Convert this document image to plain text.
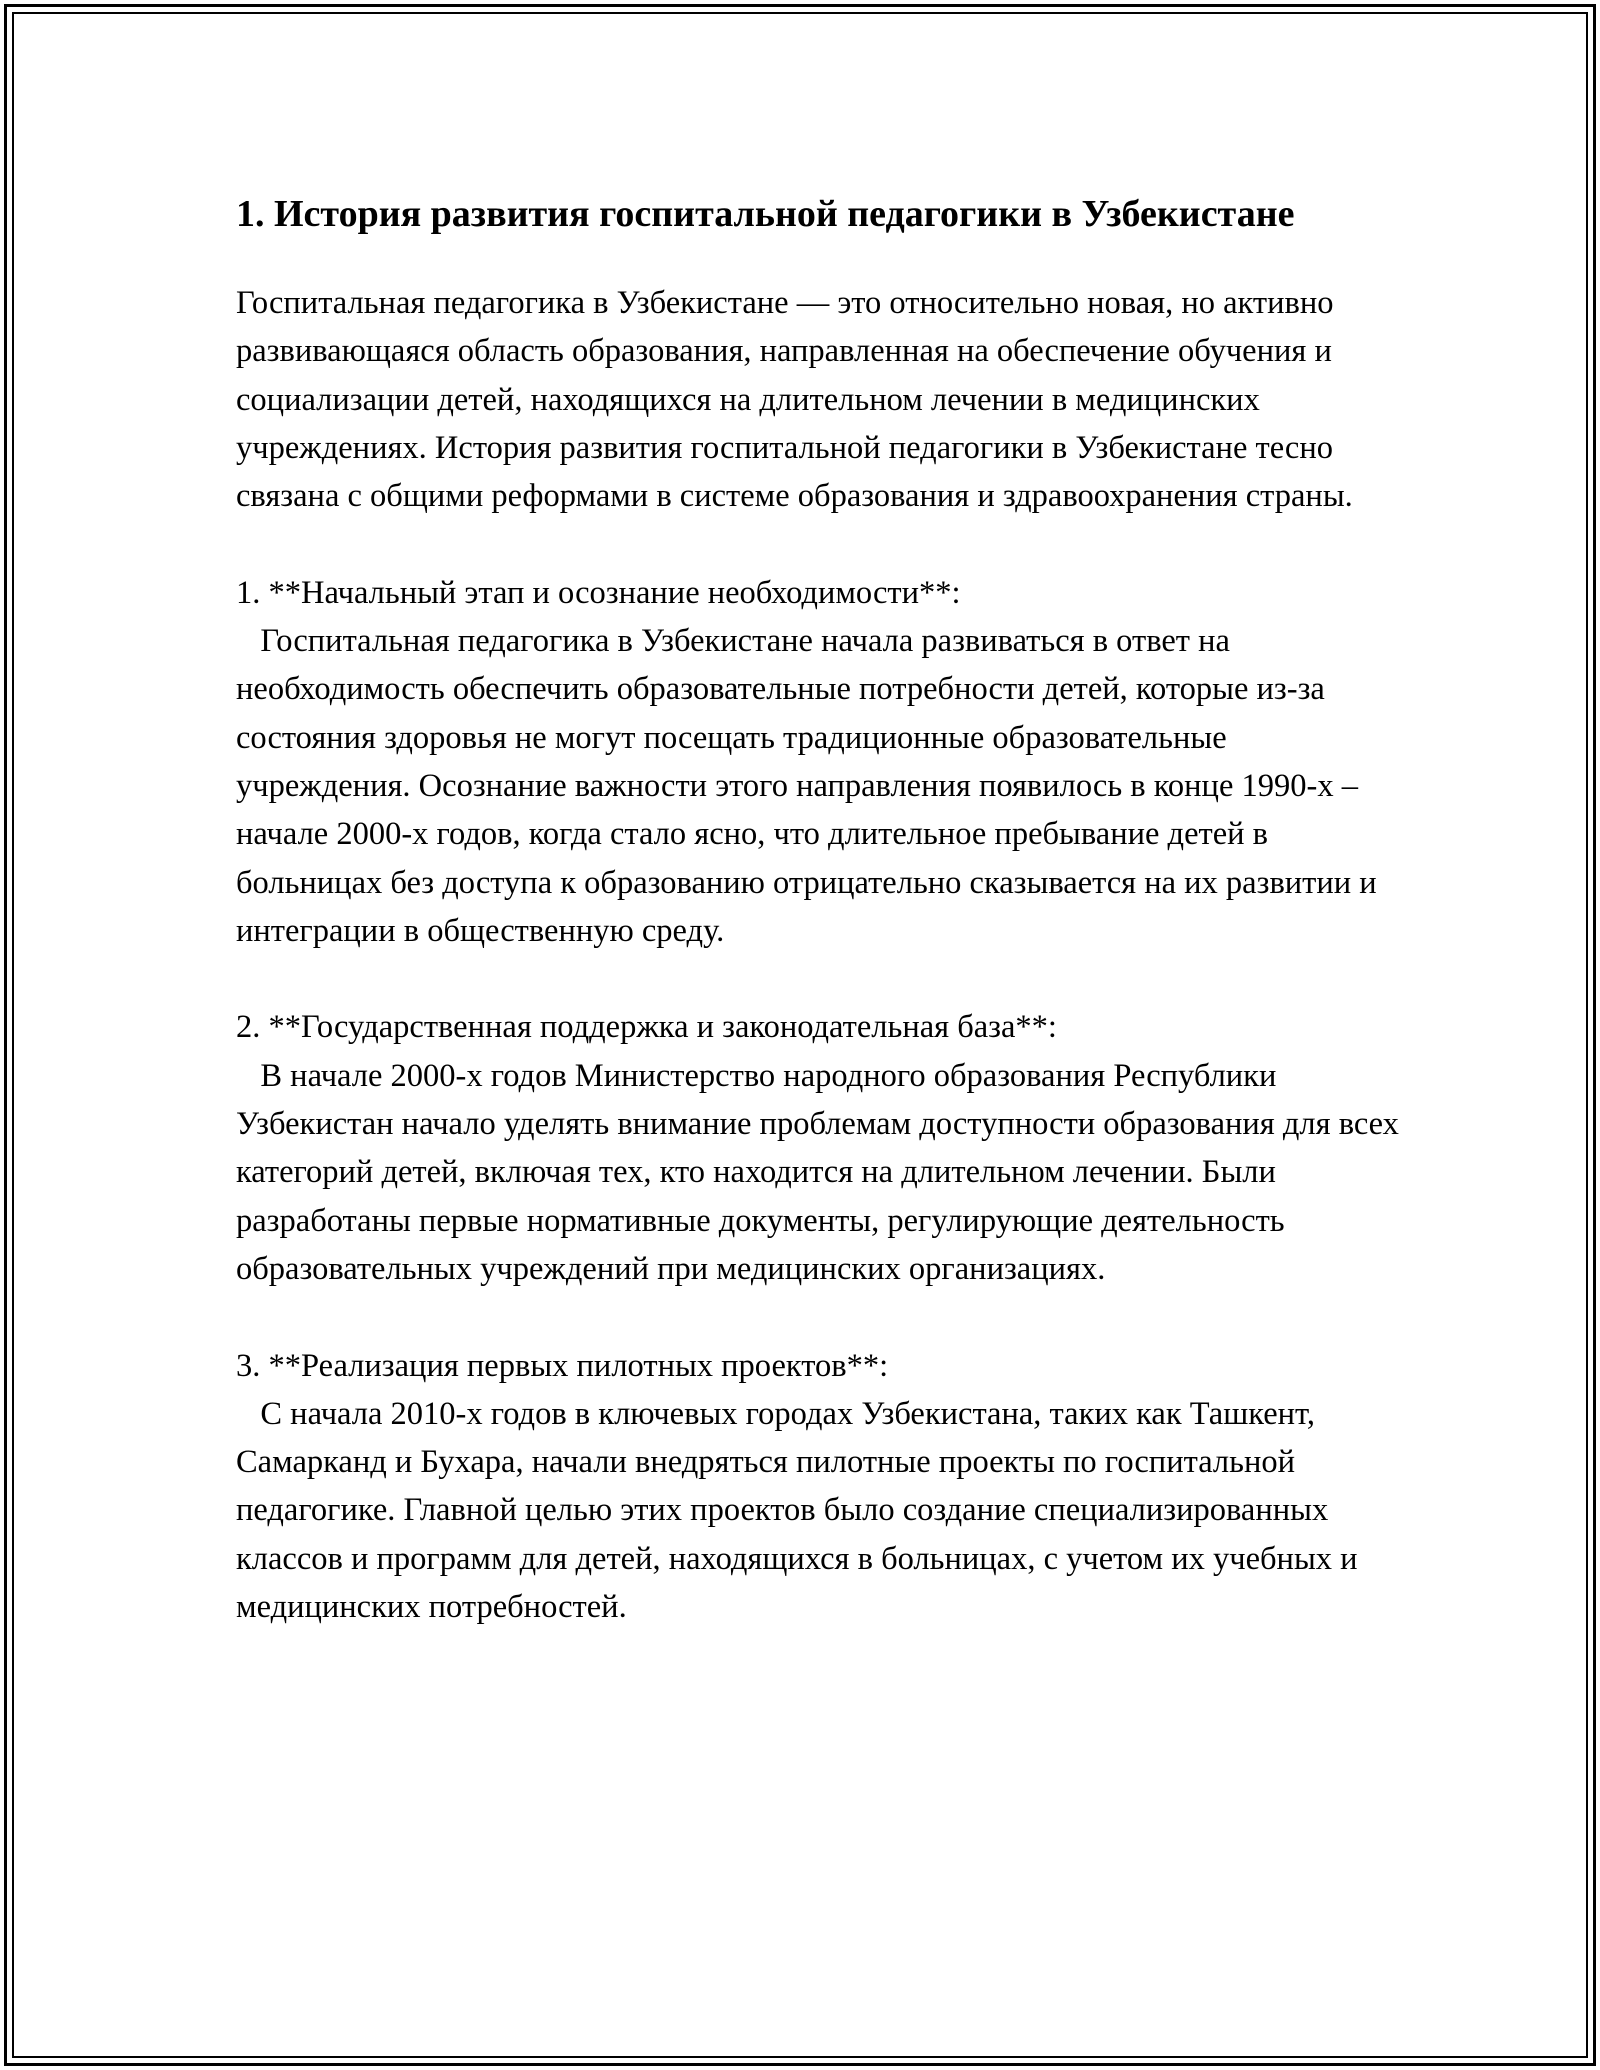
1. История развития госпитальной педагогики в Узбекистане

Госпитальная педагогика в Узбекистане — это относительно новая, но активно развивающаяся область образования, направленная на обеспечение обучения и социализации детей, находящихся на длительном лечении в медицинских учреждениях. История развития госпитальной педагогики в Узбекистане тесно связана с общими реформами в системе образования и здравоохранения страны.

1. **Начальный этап и осознание необходимости**:

Госпитальная педагогика в Узбекистане начала развиваться в ответ на необходимость обеспечить образовательные потребности детей, которые из-за состояния здоровья не могут посещать традиционные образовательные учреждения. Осознание важности этого направления появилось в конце 1990-х – начале 2000-х годов, когда стало ясно, что длительное пребывание детей в больницах без доступа к образованию отрицательно сказывается на их развитии и интеграции в общественную среду.

2. **Государственная поддержка и законодательная база**:

В начале 2000-х годов Министерство народного образования Республики Узбекистан начало уделять внимание проблемам доступности образования для всех категорий детей, включая тех, кто находится на длительном лечении. Были разработаны первые нормативные документы, регулирующие деятельность образовательных учреждений при медицинских организациях.

3. **Реализация первых пилотных проектов**:

С начала 2010-х годов в ключевых городах Узбекистана, таких как Ташкент, Самарканд и Бухара, начали внедряться пилотные проекты по госпитальной педагогике. Главной целью этих проектов было создание специализированных классов и программ для детей, находящихся в больницах, с учетом их учебных и медицинских потребностей.
